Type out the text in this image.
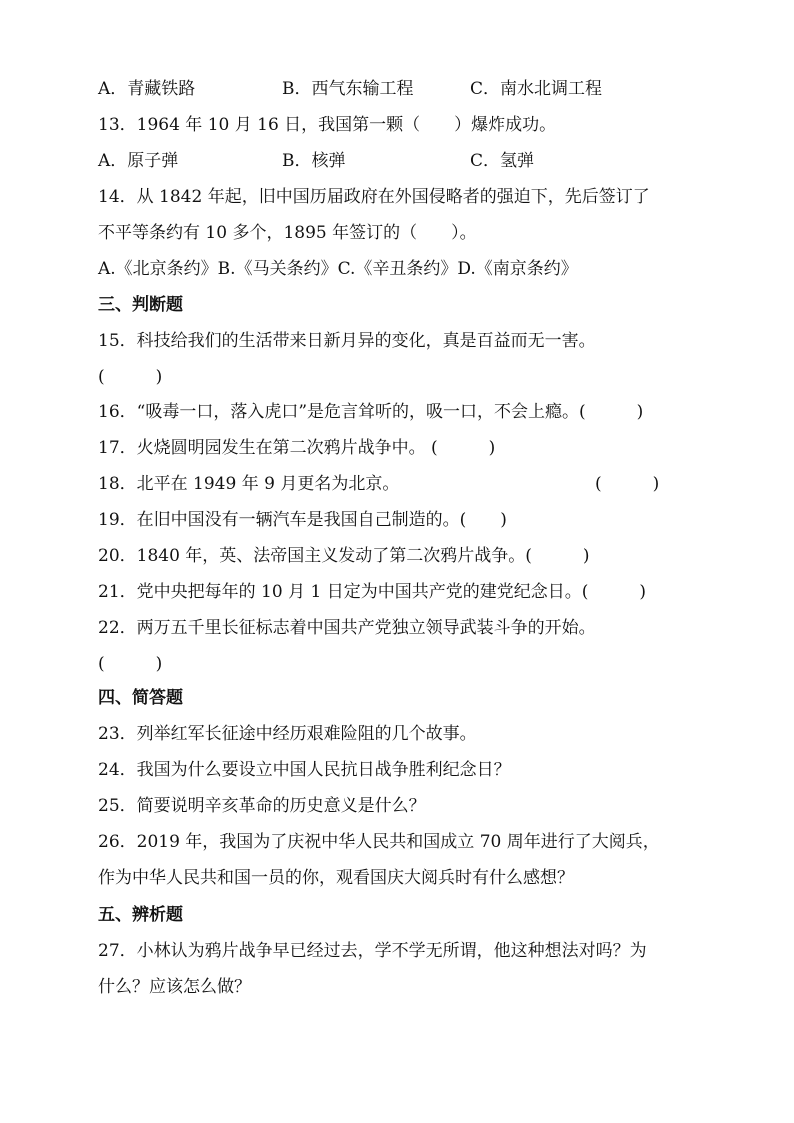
A．青藏铁路	B．西气东输工程	C．南水北调工程
13．1964 年 10 月 16 日，我国第一颗（　　）爆炸成功。
A．原子弹	B．核弹	C．氢弹
14．从 1842 年起，旧中国历届政府在外国侵略者的强迫下，先后签订了
不平等条约有 10 多个，1895 年签订的（　　）。
A.《北京条约》B.《马关条约》C.《辛丑条约》D.《南京条约》
三、判断题
15．科技给我们的生活带来日新月异的变化，真是百益而无一害。
(　　　)
16．“吸毒一口，落入虎口”是危言耸听的，吸一口，不会上瘾。(　　　)
17．火烧圆明园发生在第二次鸦片战争中。 (　　　)
18．北平在 1949 年 9 月更名为北京。	(　　　)
19．在旧中国没有一辆汽车是我国自己制造的。(　　)
20．1840 年，英、法帝国主义发动了第二次鸦片战争。(　　　)
21．党中央把每年的 10 月 1 日定为中国共产党的建党纪念日。(　　　)
22．两万五千里长征标志着中国共产党独立领导武装斗争的开始。
(　　　)
四、简答题
23．列举红军长征途中经历艰难险阻的几个故事。
24．我国为什么要设立中国人民抗日战争胜利纪念日？
25．简要说明辛亥革命的历史意义是什么？
26．2019 年，我国为了庆祝中华人民共和国成立 70 周年进行了大阅兵，
作为中华人民共和国一员的你，观看国庆大阅兵时有什么感想？
五、辨析题
27．小林认为鸦片战争早已经过去，学不学无所谓，他这种想法对吗？为
什么？应该怎么做？
